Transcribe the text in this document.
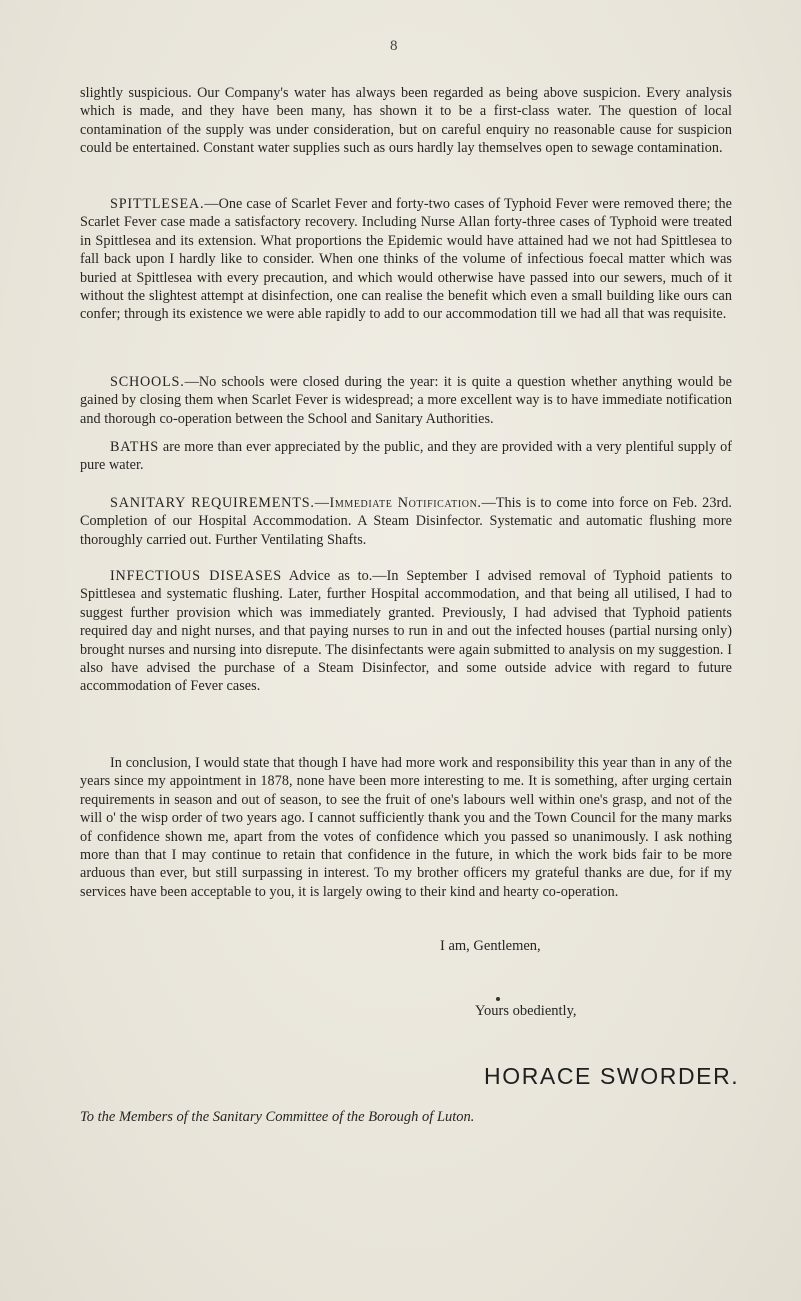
8

slightly suspicious. Our Company's water has always been regarded as being above suspicion. Every analysis which is made, and they have been many, has shown it to be a first-class water. The question of local contamination of the supply was under consideration, but on careful enquiry no reasonable cause for suspicion could be entertained. Constant water supplies such as ours hardly lay themselves open to sewage contamination.

SPITTLESEA.—One case of Scarlet Fever and forty-two cases of Typhoid Fever were removed there; the Scarlet Fever case made a satisfactory recovery. Including Nurse Allan forty-three cases of Typhoid were treated in Spittlesea and its extension. What proportions the Epidemic would have attained had we not had Spittlesea to fall back upon I hardly like to consider. When one thinks of the volume of infectious foecal matter which was buried at Spittlesea with every precaution, and which would otherwise have passed into our sewers, much of it without the slightest attempt at disinfection, one can realise the benefit which even a small building like ours can confer; through its existence we were able rapidly to add to our accommodation till we had all that was requisite.

SCHOOLS.—No schools were closed during the year: it is quite a question whether anything would be gained by closing them when Scarlet Fever is widespread; a more excellent way is to have immediate notification and thorough co-operation between the School and Sanitary Authorities.

BATHS are more than ever appreciated by the public, and they are provided with a very plentiful supply of pure water.

SANITARY REQUIREMENTS.—Immediate Notification.—This is to come into force on Feb. 23rd. Completion of our Hospital Accommodation. A Steam Disinfector. Systematic and automatic flushing more thoroughly carried out. Further Ventilating Shafts.

INFECTIOUS DISEASES Advice as to.—In September I advised removal of Typhoid patients to Spittlesea and systematic flushing. Later, further Hospital accommodation, and that being all utilised, I had to suggest further provision which was immediately granted. Previously, I had advised that Typhoid patients required day and night nurses, and that paying nurses to run in and out the infected houses (partial nursing only) brought nurses and nursing into disrepute. The disinfectants were again submitted to analysis on my suggestion. I also have advised the purchase of a Steam Disinfector, and some outside advice with regard to future accommodation of Fever cases.

In conclusion, I would state that though I have had more work and responsibility this year than in any of the years since my appointment in 1878, none have been more interesting to me. It is something, after urging certain requirements in season and out of season, to see the fruit of one's labours well within one's grasp, and not of the will o' the wisp order of two years ago. I cannot sufficiently thank you and the Town Council for the many marks of confidence shown me, apart from the votes of confidence which you passed so unanimously. I ask nothing more than that I may continue to retain that confidence in the future, in which the work bids fair to be more arduous than ever, but still surpassing in interest. To my brother officers my grateful thanks are due, for if my services have been acceptable to you, it is largely owing to their kind and hearty co-operation.

I am, Gentlemen,
Yours obediently,
HORACE SWORDER.
To the Members of the Sanitary Committee of the Borough of Luton.
